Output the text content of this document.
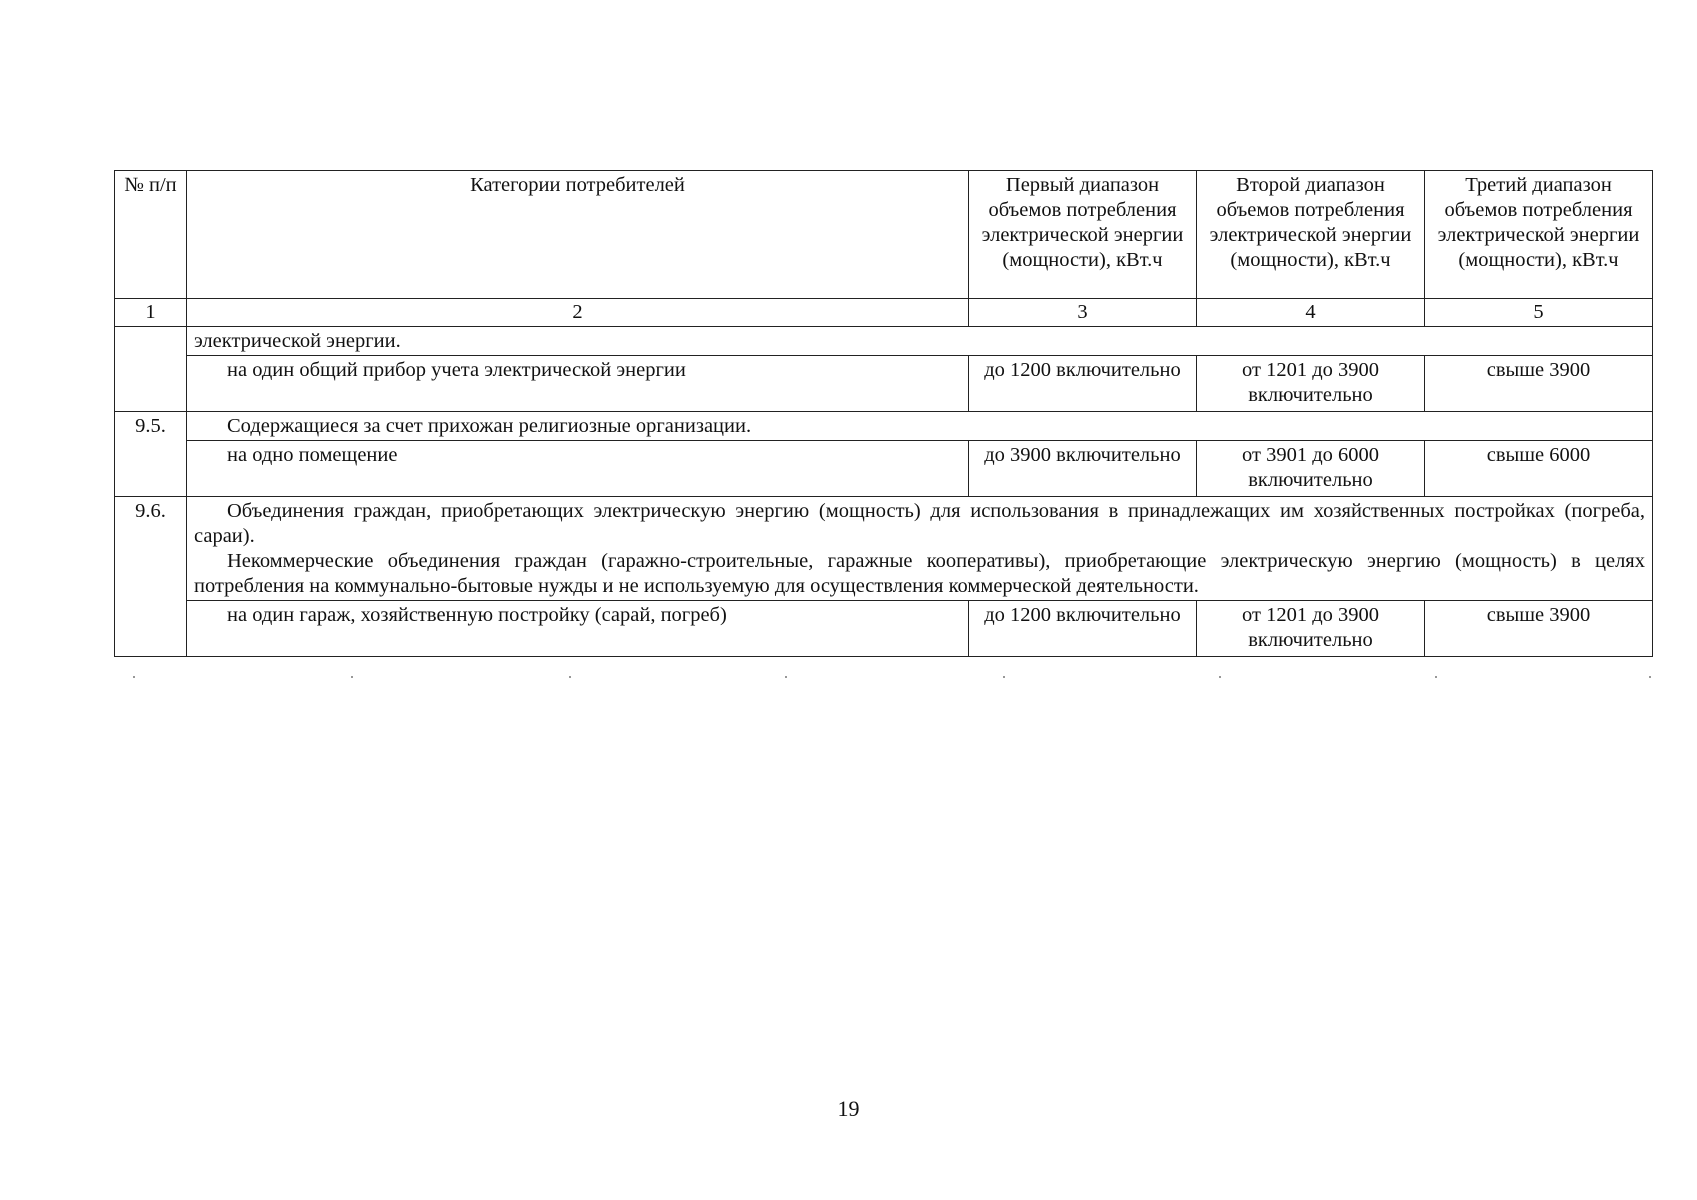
№ п/п	Категории потребителей	Первый диапазон объемов потребления электрической энергии (мощности), кВт.ч	Второй диапазон объемов потребления электрической энергии (мощности), кВт.ч	Третий диапазон объемов потребления электрической энергии (мощности), кВт.ч
1	2	3	4	5
	электрической энергии.			
	на один общий прибор учета электрической энергии	до 1200 включительно	от 1201 до 3900 включительно	свыше 3900
9.5.	Содержащиеся за счет прихожан религиозные организации.			
	на одно помещение	до 3900 включительно	от 3901 до 6000 включительно	свыше 6000
9.6.	Объединения граждан, приобретающих электрическую энергию (мощность) для использования в принадлежащих им хозяйственных постройках (погреба, сараи).
Некоммерческие объединения граждан (гаражно-строительные, гаражные кооперативы), приобретающие электрическую энергию (мощность) в целях потребления на коммунально-бытовые нужды и не используемую для осуществления коммерческой деятельности.			

	на один гараж, хозяйственную постройку (сарай, погреб)	до 1200 включительно	от 1201 до 3900 включительно	свыше 3900
19
